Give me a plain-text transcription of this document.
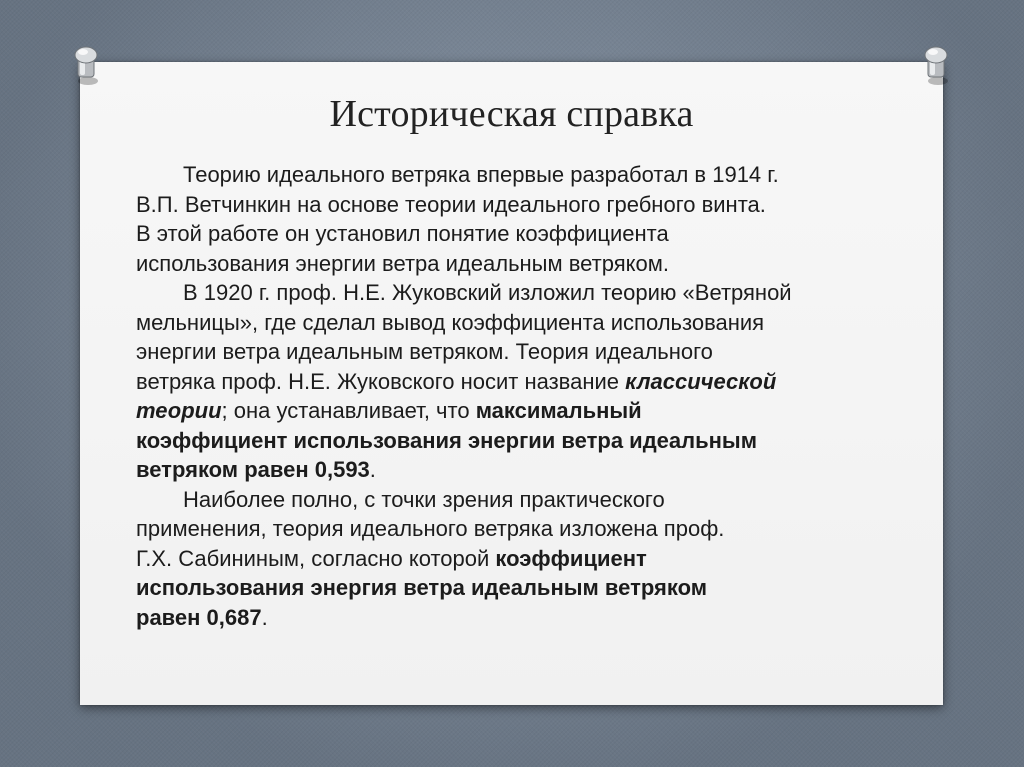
Историческая справка
Теорию идеального ветряка впервые разработал в 1914 г.
В.П. Ветчинкин на основе теории идеального гребного винта.
В этой работе он установил понятие коэффициента
использования энергии ветра идеальным ветряком.
В 1920 г. проф. Н.Е. Жуковский изложил теорию «Ветряной
мельницы», где сделал вывод коэффициента использования
энергии ветра идеальным ветряком. Теория идеального
ветряка проф. Н.Е. Жуковского носит название классической
теории; она устанавливает, что максимальный
коэффициент использования энергии ветра идеальным
ветряком равен 0,593.
Наиболее полно, с точки зрения практического
применения, теория идеального ветряка изложена проф.
Г.Х. Сабининым, согласно которой коэффициент
использования энергия ветра идеальным ветряком
равен 0,687.
